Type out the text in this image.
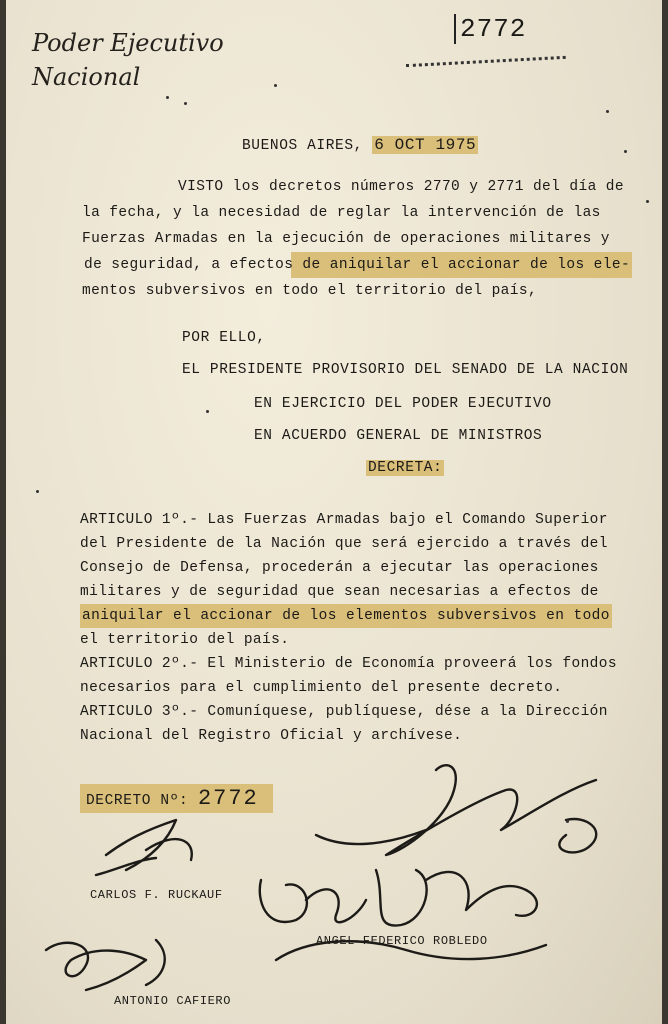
Poder Ejecutivo
Nacional
2772
BUENOS AIRES, 6 OCT 1975
VISTO los decretos números 2770 y 2771 del día de
la fecha, y la necesidad de reglar la intervención de las
Fuerzas Armadas en la ejecución de operaciones militares y
de seguridad, a efectos de aniquilar el accionar de los ele-
mentos subversivos en todo el territorio del país,
POR ELLO,
EL PRESIDENTE PROVISORIO DEL SENADO DE LA NACION
EN EJERCICIO DEL PODER EJECUTIVO
EN ACUERDO GENERAL DE MINISTROS
DECRETA:
ARTICULO 1º.- Las Fuerzas Armadas bajo el Comando Superior
del Presidente de la Nación que será ejercido a través del
Consejo de Defensa, procederán a ejecutar las operaciones
militares y de seguridad que sean necesarias a efectos de
aniquilar el accionar de los elementos subversivos en todo
el territorio del país.
ARTICULO 2º.- El Ministerio de Economía proveerá los fondos
necesarios para el cumplimiento del presente decreto.
ARTICULO 3º.- Comuníquese, publíquese, dése a la Dirección
Nacional del Registro Oficial y archívese.
DECRETO Nº: 2772
CARLOS F. RUCKAUF
ANGEL FEDERICO ROBLEDO
ANTONIO CAFIERO
